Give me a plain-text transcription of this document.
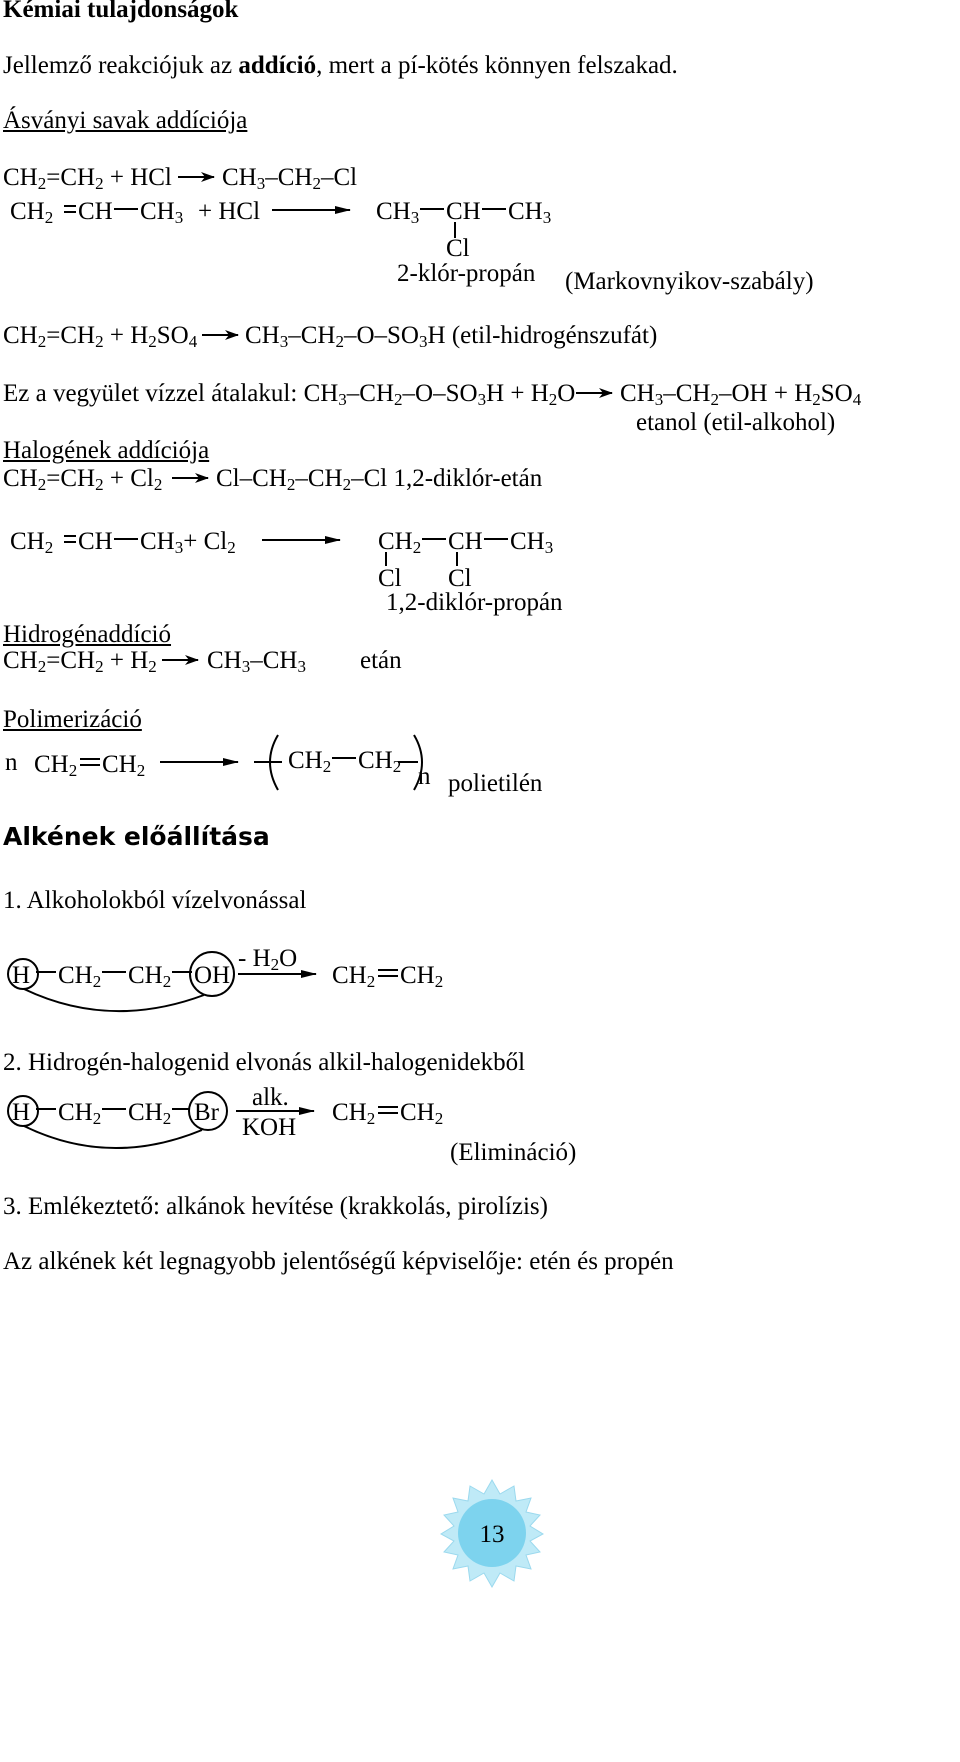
Kémiai tulajdonságok
Jellemző reakciójuk az addíció, mert a pí-kötés könnyen felszakad.
Ásványi savak addíciója
Halogének addíciója
Hidrogénaddíció
Polimerizáció
Alkének előállítása
1. Alkoholokból vízelvonással
2. Hidrogén-halogenid elvonás alkil-halogenidekből
3. Emlékeztető: alkánok hevítése (krakkolás, pirolízis)
Az alkének két legnagyobb jelentőségű képviselője: etén és propén
CH2=CH2 + HCl CH3–CH2–Cl
CH2 CH CH3 + HCl	CH3 CH CH3
Cl
2-klór-propán (Markovnyikov-szabály)
CH2=CH2 + H2SO4 CH3–CH2–O–SO3H (etil-hidrogénszufát)
Ez a vegyület vízzel átalakul: CH3–CH2–O–SO3H + H2O CH3–CH2–OH + H2SO4
etanol (etil-alkohol)
CH2=CH2 + Cl2 Cl–CH2–CH2–Cl 1,2-diklór-etán
CH2 CH CH3+ Cl2	CH2 CH CH3
Cl Cl
1,2-diklór-propán
CH2=CH2 + H2 CH3–CH3 etán
n CH2 CH2	CH2 CH2 n polietilén
H CH2 CH2 OH
- H2O
CH2 CH2
H CH2 CH2 Br
alk.
KOH
CH2 CH2
(Elimináció)
13
